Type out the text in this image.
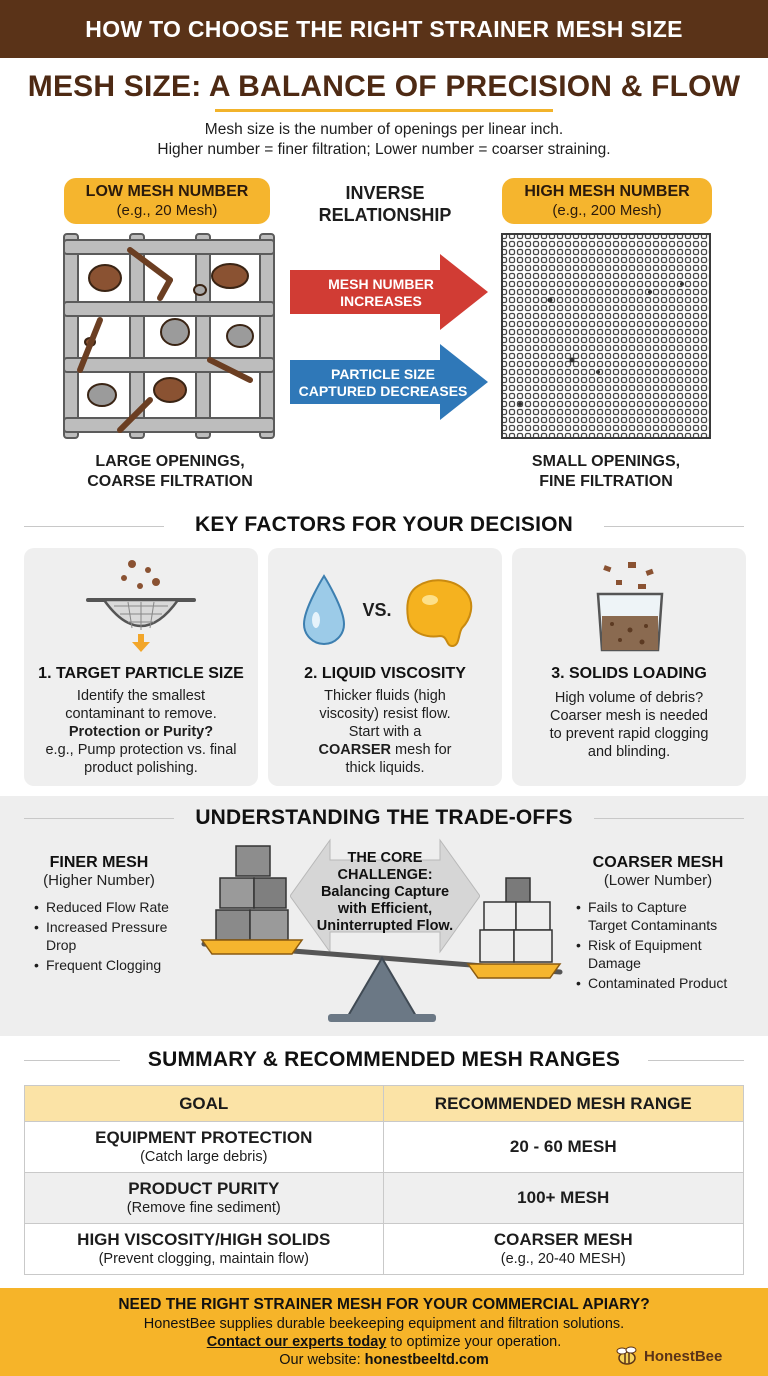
HOW TO CHOOSE THE RIGHT STRAINER MESH SIZE
MESH SIZE: A BALANCE OF PRECISION & FLOW
Mesh size is the number of openings per linear inch.
Higher number = finer filtration; Lower number = coarser straining.
LOW MESH NUMBER
(e.g., 20 Mesh)
LARGE OPENINGS,
COARSE FILTRATION
INVERSE
RELATIONSHIP
MESH NUMBER
INCREASES
PARTICLE SIZE
CAPTURED DECREASES
HIGH MESH NUMBER
(e.g., 200 Mesh)
SMALL OPENINGS,
FINE FILTRATION
KEY FACTORS FOR YOUR DECISION
1. TARGET PARTICLE SIZE
Identify the smallest
contaminant to remove.
Protection or Purity?
e.g., Pump protection vs. final
product polishing.
VS.
2. LIQUID VISCOSITY
Thicker fluids (high
viscosity) resist flow.
Start with a
COARSER mesh for
thick liquids.
3. SOLIDS LOADING
High volume of debris?
Coarser mesh is needed
to prevent rapid clogging
and blinding.
UNDERSTANDING THE TRADE-OFFS
FINER MESH
(Higher Number)
• Reduced Flow Rate
• Increased Pressure
Drop
• Frequent Clogging
THE CORE
CHALLENGE:
Balancing Capture
with Efficient,
Uninterrupted Flow.
COARSER MESH
(Lower Number)
• Fails to Capture
Target Contaminants
• Risk of Equipment
Damage
• Contaminated Product
SUMMARY & RECOMMENDED MESH RANGES
GOAL	RECOMMENDED MESH RANGE

EQUIPMENT PROTECTION
(Catch large debris)	20 - 60 MESH

PRODUCT PURITY
(Remove fine sediment)	100+ MESH

HIGH VISCOSITY/HIGH SOLIDS
(Prevent clogging, maintain flow)	COARSER MESH
(e.g., 20-40 MESH)
NEED THE RIGHT STRAINER MESH FOR YOUR COMMERCIAL APIARY?
HonestBee supplies durable beekeeping equipment and filtration solutions.
Contact our experts today to optimize your operation.
Our website: honestbeeltd.com	HonestBee
